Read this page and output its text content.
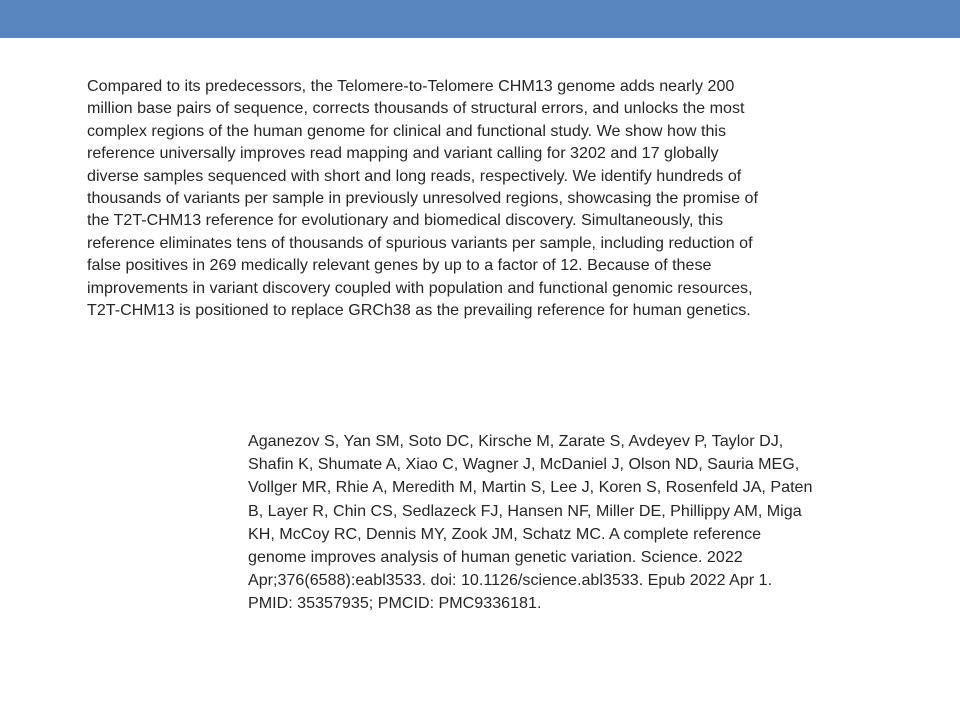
Compared to its predecessors, the Telomere-to-Telomere CHM13 genome adds nearly 200
million base pairs of sequence, corrects thousands of structural errors, and unlocks the most
complex regions of the human genome for clinical and functional study. We show how this
reference universally improves read mapping and variant calling for 3202 and 17 globally
diverse samples sequenced with short and long reads, respectively. We identify hundreds of
thousands of variants per sample in previously unresolved regions, showcasing the promise of
the T2T-CHM13 reference for evolutionary and biomedical discovery. Simultaneously, this
reference eliminates tens of thousands of spurious variants per sample, including reduction of
false positives in 269 medically relevant genes by up to a factor of 12. Because of these
improvements in variant discovery coupled with population and functional genomic resources,
T2T-CHM13 is positioned to replace GRCh38 as the prevailing reference for human genetics.

Aganezov S, Yan SM, Soto DC, Kirsche M, Zarate S, Avdeyev P, Taylor DJ,
Shafin K, Shumate A, Xiao C, Wagner J, McDaniel J, Olson ND, Sauria MEG,
Vollger MR, Rhie A, Meredith M, Martin S, Lee J, Koren S, Rosenfeld JA, Paten
B, Layer R, Chin CS, Sedlazeck FJ, Hansen NF, Miller DE, Phillippy AM, Miga
KH, McCoy RC, Dennis MY, Zook JM, Schatz MC. A complete reference
genome improves analysis of human genetic variation. Science. 2022
Apr;376(6588):eabl3533. doi: 10.1126/science.abl3533. Epub 2022 Apr 1.
PMID: 35357935; PMCID: PMC9336181.
